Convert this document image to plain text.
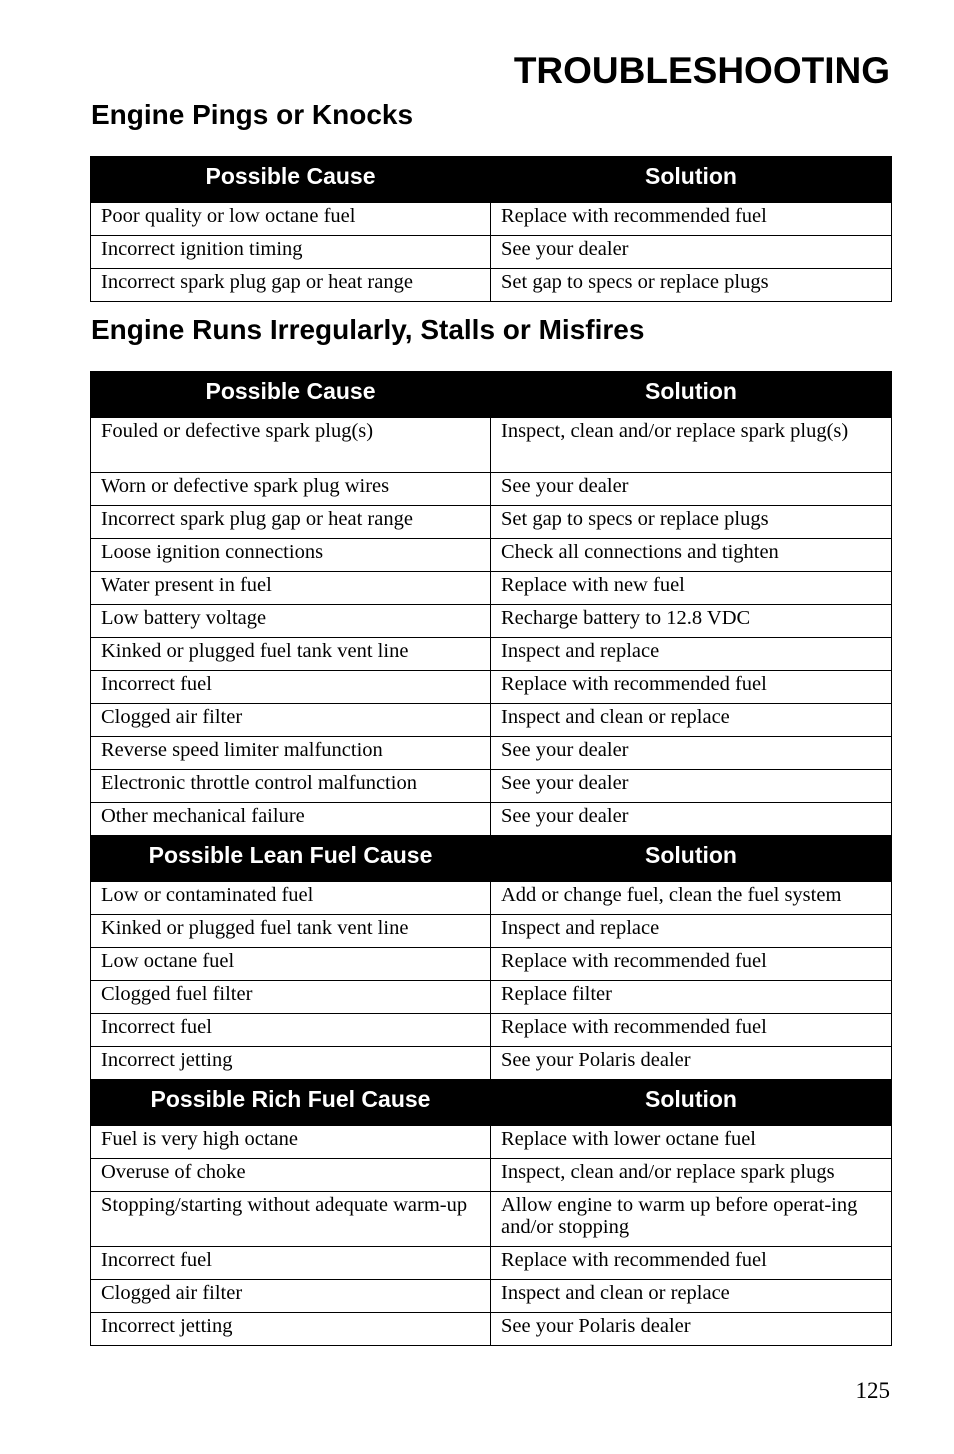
TROUBLESHOOTING
Engine Pings or Knocks
Possible Cause	Solution
Poor quality or low octane fuel	Replace with recommended fuel
Incorrect ignition timing	See your dealer
Incorrect spark plug gap or heat range	Set gap to specs or replace plugs
Engine Runs Irregularly, Stalls or Misfires
Possible Cause	Solution
Fouled or defective spark plug(s)	Inspect, clean and/or replace spark plug(s)
Worn or defective spark plug wires	See your dealer
Incorrect spark plug gap or heat range	Set gap to specs or replace plugs
Loose ignition connections	Check all connections and tighten
Water present in fuel	Replace with new fuel
Low battery voltage	Recharge battery to 12.8 VDC
Kinked or plugged fuel tank vent line	Inspect and replace
Incorrect fuel	Replace with recommended fuel
Clogged air filter	Inspect and clean or replace
Reverse speed limiter malfunction	See your dealer
Electronic throttle control malfunction	See your dealer
Other mechanical failure	See your dealer
Possible Lean Fuel Cause	Solution
Low or contaminated fuel	Add or change fuel, clean the fuel system
Kinked or plugged fuel tank vent line	Inspect and replace
Low octane fuel	Replace with recommended fuel
Clogged fuel filter	Replace filter
Incorrect fuel	Replace with recommended fuel
Incorrect jetting	See your Polaris dealer
Possible Rich Fuel Cause	Solution
Fuel is very high octane	Replace with lower octane fuel
Overuse of choke	Inspect, clean and/or replace spark plugs
Stopping/starting without adequate warm-up	Allow engine to warm up before operat-ing and/or stopping
Incorrect fuel	Replace with recommended fuel
Clogged air filter	Inspect and clean or replace
Incorrect jetting	See your Polaris dealer
125
